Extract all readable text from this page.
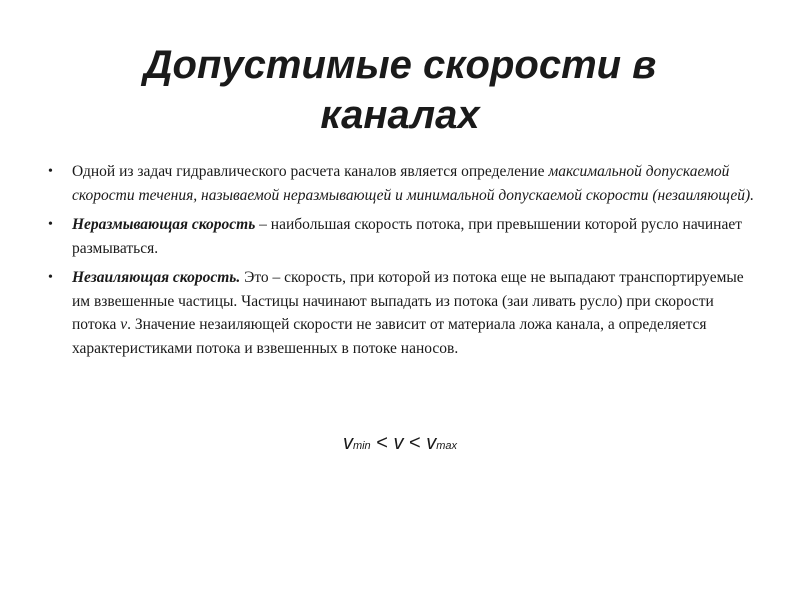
Допустимые скорости в
каналах
• Одной из задач гидравлического расчета каналов является определение максимальной допускаемой скорости течения, называемой неразмывающей и минимальной допускаемой скорости (незаиляющей).
• Неразмывающая скорость – наибольшая скорость потока, при превышении которой русло начинает размываться.
• Незаиляющая скорость. Это – скорость, при которой из потока еще не выпадают транспортируемые им взвешенные частицы. Частицы начинают выпадать из потока (заи ливать русло) при скорости потока v. Значение незаиляющей скорости не зависит от материала ложа канала, а определяется характеристиками потока и взвешенных в потоке наносов.
vmin < v < vmax
